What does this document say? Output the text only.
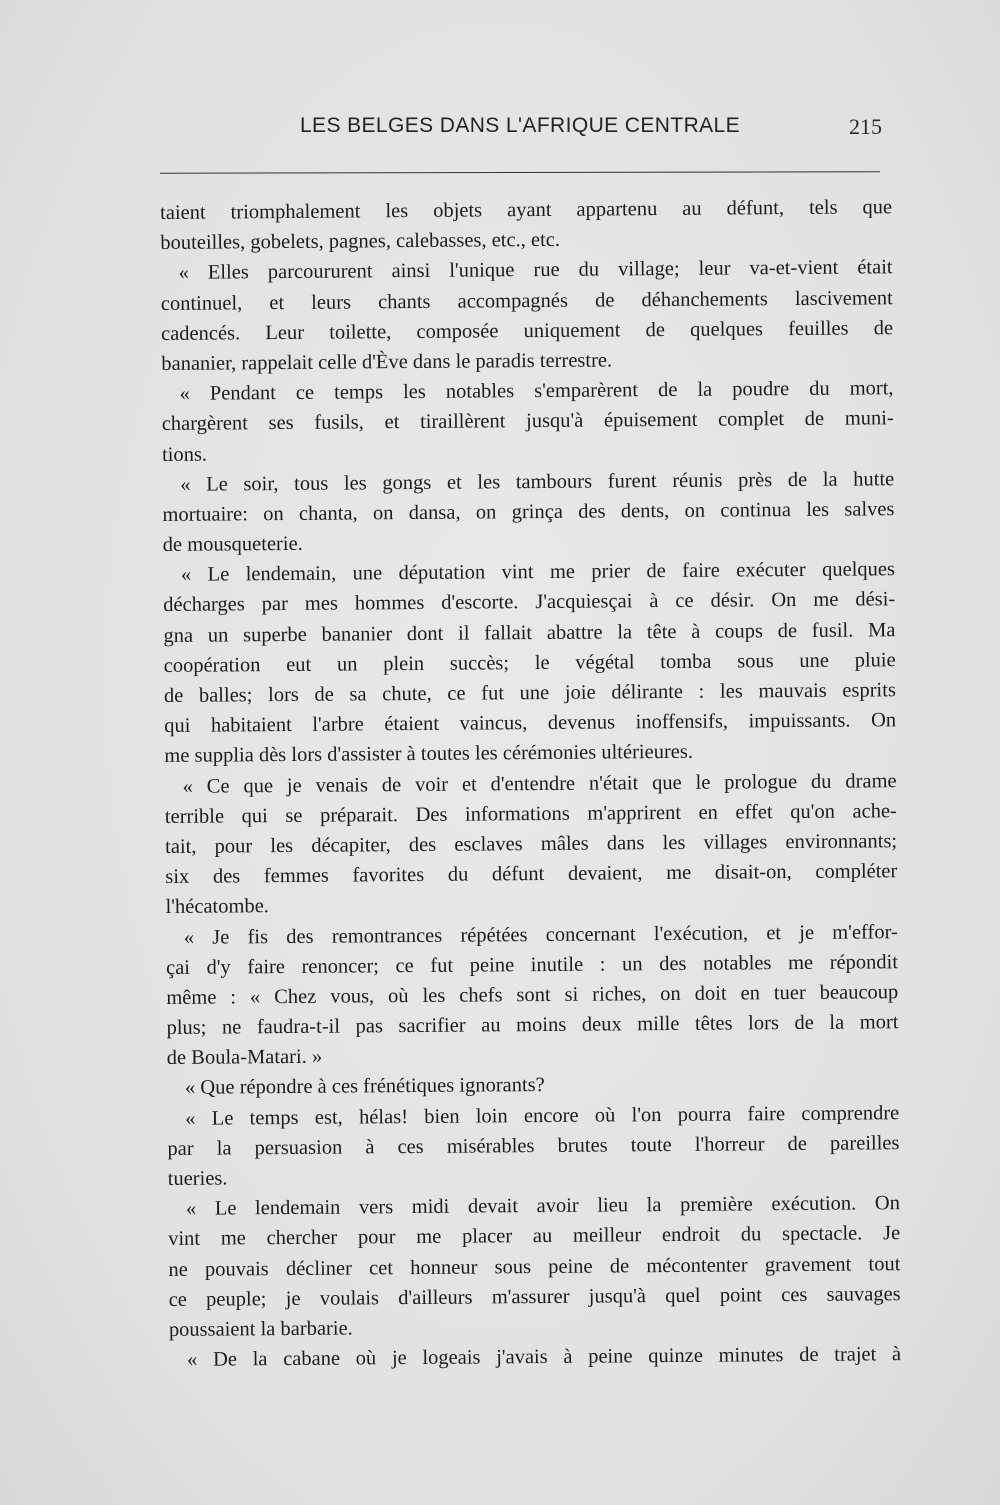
LES BELGES DANS L'AFRIQUE CENTRALE	215
taient triomphalement les objets ayant appartenu au défunt, tels que
bouteilles, gobelets, pagnes, calebasses, etc., etc.
« Elles parcoururent ainsi l'unique rue du village; leur va-et-vient était
continuel, et leurs chants accompagnés de déhanchements lascivement
cadencés. Leur toilette, composée uniquement de quelques feuilles de
bananier, rappelait celle d'Ève dans le paradis terrestre.
« Pendant ce temps les notables s'emparèrent de la poudre du mort,
chargèrent ses fusils, et tiraillèrent jusqu'à épuisement complet de muni-
tions.
« Le soir, tous les gongs et les tambours furent réunis près de la hutte
mortuaire: on chanta, on dansa, on grinça des dents, on continua les salves
de mousqueterie.
« Le lendemain, une députation vint me prier de faire exécuter quelques
décharges par mes hommes d'escorte. J'acquiesçai à ce désir. On me dési-
gna un superbe bananier dont il fallait abattre la tête à coups de fusil. Ma
coopération eut un plein succès; le végétal tomba sous une pluie
de balles; lors de sa chute, ce fut une joie délirante : les mauvais esprits
qui habitaient l'arbre étaient vaincus, devenus inoffensifs, impuissants. On
me supplia dès lors d'assister à toutes les cérémonies ultérieures.
« Ce que je venais de voir et d'entendre n'était que le prologue du drame
terrible qui se préparait. Des informations m'apprirent en effet qu'on ache-
tait, pour les décapiter, des esclaves mâles dans les villages environnants;
six des femmes favorites du défunt devaient, me disait-on, compléter
l'hécatombe.
« Je fis des remontrances répétées concernant l'exécution, et je m'effor-
çai d'y faire renoncer; ce fut peine inutile : un des notables me répondit
même : « Chez vous, où les chefs sont si riches, on doit en tuer beaucoup
plus; ne faudra-t-il pas sacrifier au moins deux mille têtes lors de la mort
de Boula-Matari. »
« Que répondre à ces frénétiques ignorants?
« Le temps est, hélas! bien loin encore où l'on pourra faire comprendre
par la persuasion à ces misérables brutes toute l'horreur de pareilles
tueries.
« Le lendemain vers midi devait avoir lieu la première exécution. On
vint me chercher pour me placer au meilleur endroit du spectacle. Je
ne pouvais décliner cet honneur sous peine de mécontenter gravement tout
ce peuple; je voulais d'ailleurs m'assurer jusqu'à quel point ces sauvages
poussaient la barbarie.
« De la cabane où je logeais j'avais à peine quinze minutes de trajet à
